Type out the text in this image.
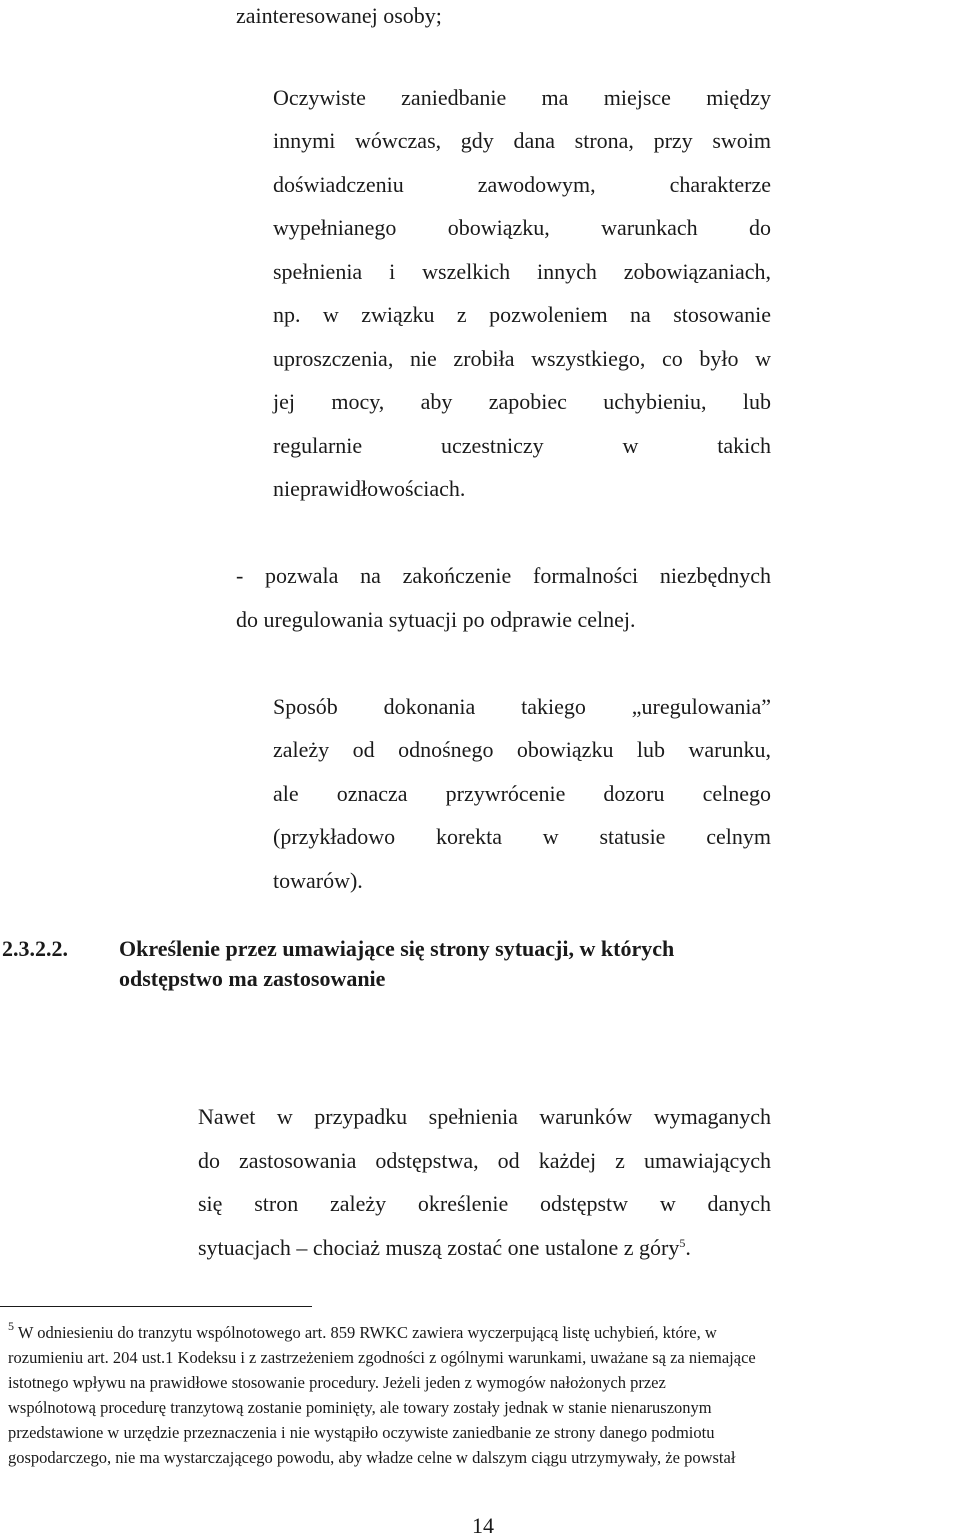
zainteresowanej osoby;
Oczywiste zaniedbanie ma miejsce między
innymi wówczas, gdy dana strona, przy swoim
doświadczeniu zawodowym, charakterze
wypełnianego obowiązku, warunkach do
spełnienia i wszelkich innych zobowiązaniach,
np. w związku z pozwoleniem na stosowanie
uproszczenia, nie zrobiła wszystkiego, co było w
jej mocy, aby zapobiec uchybieniu, lub
regularnie uczestniczy w takich
nieprawidłowościach.
- pozwala na zakończenie formalności niezbędnych
do uregulowania sytuacji po odprawie celnej.
Sposób dokonania takiego „uregulowania”
zależy od odnośnego obowiązku lub warunku,
ale oznacza przywrócenie dozoru celnego
(przykładowo korekta w statusie celnym
towarów).
2.3.2.2. Określenie przez umawiające się strony sytuacji, w których
odstępstwo ma zastosowanie
Nawet w przypadku spełnienia warunków wymaganych
do zastosowania odstępstwa, od każdej z umawiających
się stron zależy określenie odstępstw w danych
sytuacjach – chociaż muszą zostać one ustalone z góry$^5$.
$^5$ W odniesieniu do tranzytu wspólnotowego art. 859 RWKC zawiera wyczerpującą listę uchybień, które, w
rozumieniu art. 204 ust.1 Kodeksu i z zastrzeżeniem zgodności z ogólnymi warunkami, uważane są za niemające
istotnego wpływu na prawidłowe stosowanie procedury. Jeżeli jeden z wymogów nałożonych przez
wspólnotową procedurę tranzytową zostanie pominięty, ale towary zostały jednak w stanie nienaruszonym
przedstawione w urzędzie przeznaczenia i nie wystąpiło oczywiste zaniedbanie ze strony danego podmiotu
gospodarczego, nie ma wystarczającego powodu, aby władze celne w dalszym ciągu utrzymywały, że powstał
14
